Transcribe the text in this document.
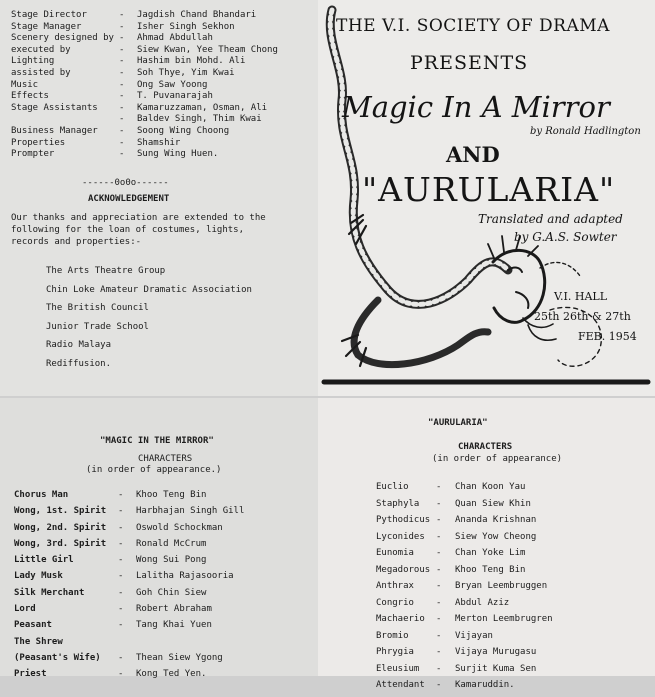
Stage Director	- Jagdish Chand Bhandari
Stage Manager	- Isher Singh Sekhon
Scenery designed by - Ahmad Abdullah
executed by	- Siew Kwan, Yee Theam Chong
Lighting	- Hashim bin Mohd. Ali
assisted by	- Soh Thye, Yim Kwai
Music	- Ong Saw Yoong
Effects	- T. Puvanarajah
Stage Assistants - Kamaruzzaman, Osman, Ali
- Baldev Singh, Thim Kwai
Business Manager - Soong Wing Choong
Properties	- Shamshir
Prompter	- Sung Wing Huen.
------0o0o------
ACKNOWLEDGEMENT
Our thanks and appreciation are extended to the following for the loan of costumes, lights, records and properties:-
The Arts Theatre Group
Chin Loke Amateur Dramatic Association
The British Council
Junior Trade School
Radio Malaya
Rediffusion.
THE V.I. SOCIETY OF DRAMA
PRESENTS
Magic In A Mirror
by Ronald Hadlington
AND
"AURULARIA"
Translated and adapted
by G.A.S. Sowter
V.I. HALL
25th 26th & 27th
FEB. 1954
"MAGIC IN THE MIRROR"
CHARACTERS
(in order of appearance.)
Chorus Man	- Khoo Teng Bin
Wong, 1st. Spirit - Harbhajan Singh Gill
Wong, 2nd. Spirit - Oswold Schockman
Wong, 3rd. Spirit - Ronald McCrum
Little Girl	- Wong Sui Pong
Lady Musk	- Lalitha Rajasooria
Silk Merchant	- Goh Chin Siew
Lord	- Robert Abraham
Peasant	- Tang Khai Yuen
The Shrew
(Peasant's Wife) - Thean Siew Ygong
Priest	- Kong Ted Yen.
"AURULARIA"
CHARACTERS
(in order of appearance)
Euclio	- Chan Koon Yau
Staphyla - Quan Siew Khin
Pythodicus - Ananda Krishnan
Lyconides - Siew Yow Cheong
Eunomia - Chan Yoke Lim
Megadorous - Khoo Teng Bin
Anthrax - Bryan Leembruggen
Congrio - Abdul Aziz
Machaerio - Merton Leembrugren
Bromio	- Vijayan
Phrygia - Vijaya Murugasu
Eleusium - Surjit Kuma Sen
Attendant - Kamaruddin.
